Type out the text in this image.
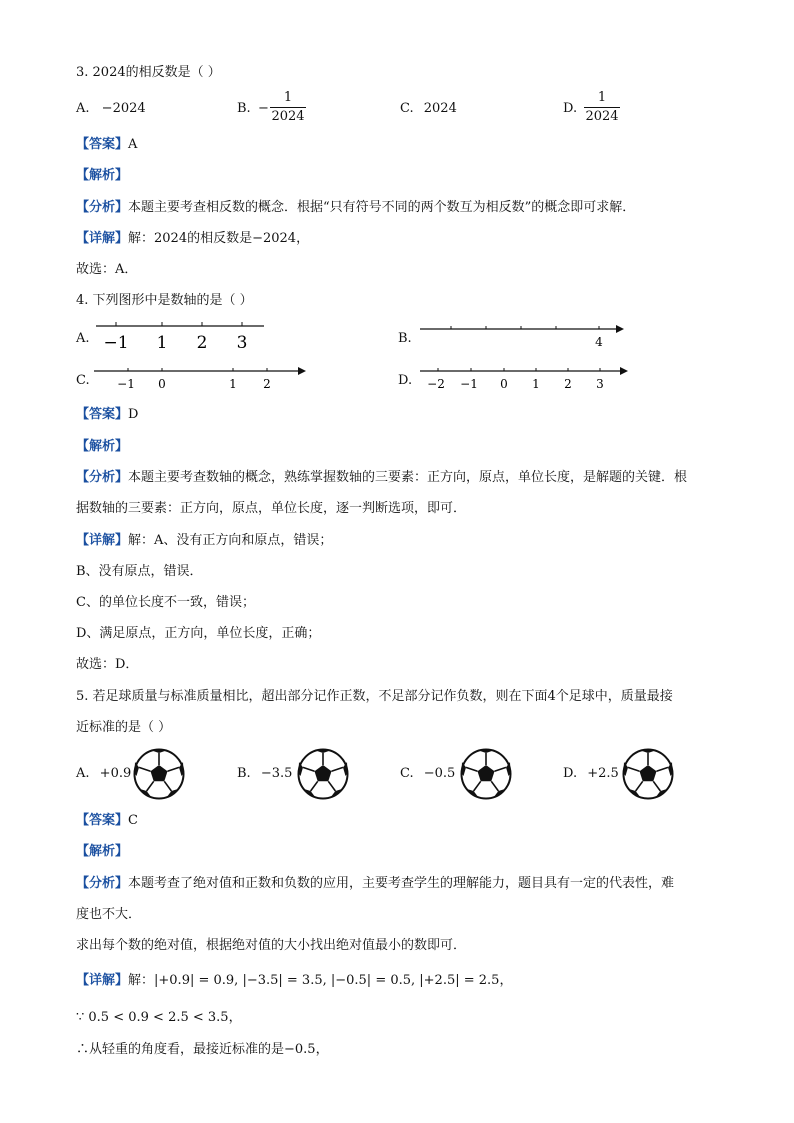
3. 2024的相反数是（ ）
A. −2024	B. −
1
2024
C. 2024	D.
1
2024
【答案】A
【解析】
【分析】本题主要考查相反数的概念．根据“只有符号不同的两个数互为相反数”的概念即可求解．
【详解】解：2024的相反数是−2024，
故选：A．
4. 下列图形中是数轴的是（ ）
A. −1 1 2 3	B.	4
C. −1 0	1 2	D. −2 −1 0 1 2 3
【答案】D
【解析】
【分析】本题主要考查数轴的概念，熟练掌握数轴的三要素：正方向，原点，单位长度，是解题的关键．根
据数轴的三要素：正方向，原点，单位长度，逐一判断选项，即可．
【详解】解：A、没有正方向和原点，错误；
B、没有原点，错误．
C、的单位长度不一致，错误；
D、满足原点，正方向，单位长度，正确；
故选：D．
5. 若足球质量与标准质量相比，超出部分记作正数，不足部分记作负数，则在下面4个足球中，质量最接
近标准的是（ ）
A. +0.9	B. −3.5	C. −0.5	D. +2.5
【答案】C
【解析】
【分析】本题考查了绝对值和正数和负数的应用，主要考查学生的理解能力，题目具有一定的代表性，难
度也不大．
求出每个数的绝对值，根据绝对值的大小找出绝对值最小的数即可．
【详解】解：|+0.9| = 0.9, |−3.5| = 3.5, |−0.5| = 0.5, |+2.5| = 2.5，
∵ 0.5 < 0.9 < 2.5 < 3.5，
∴从轻重的角度看，最接近标准的是−0.5，
